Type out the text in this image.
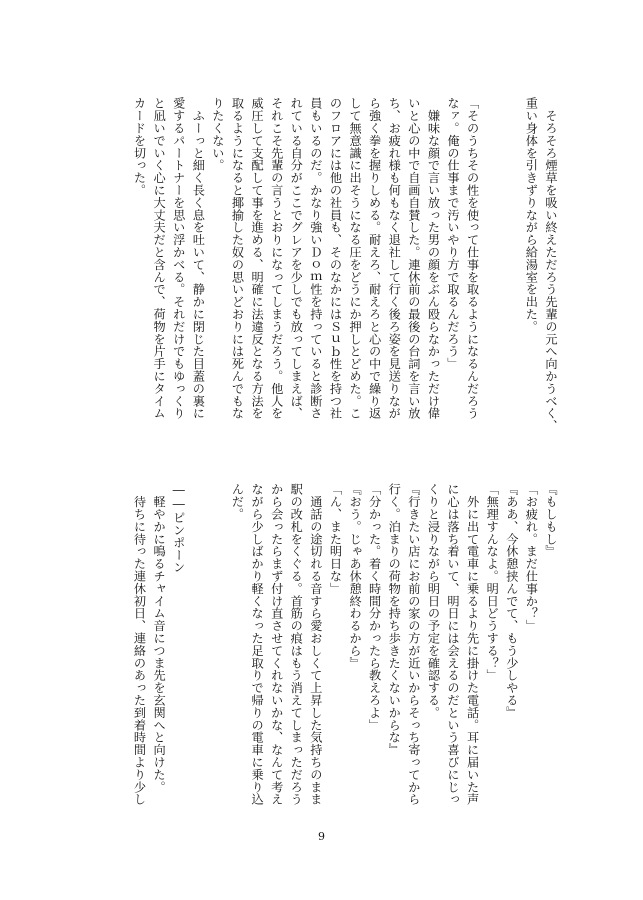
　そろそろ煙草を吸い終えただろう先輩の元へ向かうべく、

重い身体を引きずりながら給湯室を出た。

「そのうちその性を使って仕事を取るようになるんだろう

なァ。俺の仕事まで汚いやり方で取るんだろう」

　嫌味な顔で言い放った男の顔をぶん殴らなかっただけ偉

いと心の中で自画自賛した。連休前の最後の台詞を言い放

ち、お疲れ様も何もなく退社して行く後ろ姿を見送りなが

ら強く拳を握りしめる。耐えろ、耐えろと心の中で繰り返

して無意識に出そうになる圧をどうにか押しとどめた。こ

のフロアには他の社員も、そのなかにはＳｕｂ性を持つ社

員もいるのだ。かなり強いＤｏｍ性を持っていると診断さ

れている自分がここでグレアを少しでも放ってしまえば、

それこそ先輩の言うとおりになってしまうだろう。他人を

威圧して支配して事を進める、明確に法違反となる方法を

取るようになると揶揄した奴の思いどおりには死んでもな

りたくない。

　ふーっと細く長く息を吐いて、静かに閉じた目蓋の裏に

愛するパートナーを思い浮かべる。それだけでもゆっくり

と凪いでいく心に大丈夫だと含んで、荷物を片手にタイム

カードを切った。

『もしもし』

「お疲れ。まだ仕事か？」

『ああ、今休憩挟んでて、もう少しやる』

「無理すんなよ。明日どうする？」

　外に出て電車に乗るより先に掛けた電話。耳に届いた声

に心は落ち着いて、明日には会えるのだという喜びにじっ

くりと浸りながら明日の予定を確認する。

『行きたい店にお前の家の方が近いからそっち寄ってから

行く。泊まりの荷物を持ち歩きたくないからな』

「分かった。着く時間分かったら教えろよ」

『おう。じゃあ休憩終わるから』

「ん、また明日な」

　通話の途切れる音すら愛おしくて上昇した気持ちのまま

駅の改札をくぐる。首筋の痕はもう消えてしまっただろう

から会ったらまず付け直させてくれないかな、なんて考え

ながら少しばかり軽くなった足取りで帰りの電車に乗り込

んだ。

――ピンポーン

　軽やかに鳴るチャイム音につま先を玄関へと向けた。

　待ちに待った連休初日、連絡のあった到着時間より少し

9
